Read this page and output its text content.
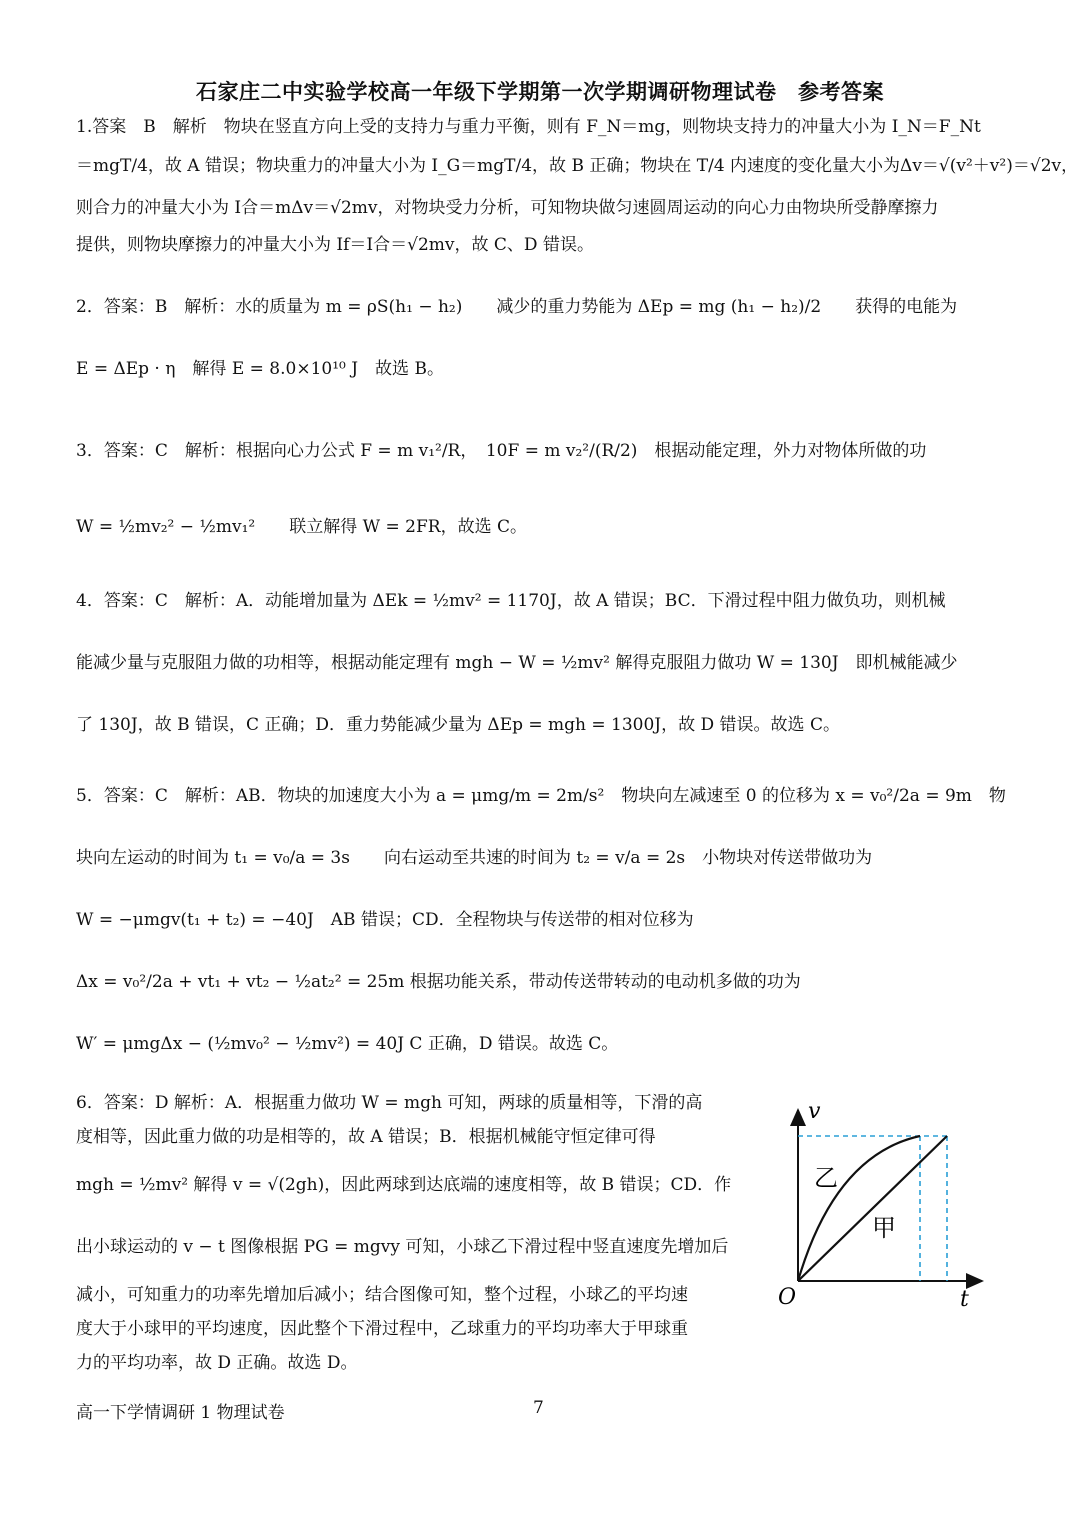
石家庄二中实验学校高一年级下学期第一次学期调研物理试卷　参考答案

1.答案　B　解析　物块在竖直方向上受的支持力与重力平衡，则有 F_N＝mg，则物块支持力的冲量大小为 I_N＝F_Nt

＝mgT/4，故 A 错误；物块重力的冲量大小为 I_G＝mgT/4，故 B 正确；物块在 T/4 内速度的变化量大小为Δv＝√(v²＋v²)＝√2v，

则合力的冲量大小为 I合＝mΔv＝√2mv，对物块受力分析，可知物块做匀速圆周运动的向心力由物块所受静摩擦力

提供，则物块摩擦力的冲量大小为 If＝I合＝√2mv，故 C、D 错误。

2．答案：B　解析：水的质量为 m = ρS(h₁ − h₂)　　减少的重力势能为 ΔEp = mg (h₁ − h₂)/2　　获得的电能为

E = ΔEp · η　解得 E = 8.0×10¹⁰ J　故选 B。

3．答案：C　解析：根据向心力公式 F = m v₁²/R，　10F = m v₂²/(R/2)　根据动能定理，外力对物体所做的功

W = ½mv₂² − ½mv₁²　　联立解得 W = 2FR，故选 C。

4．答案：C　解析：A．动能增加量为 ΔEk = ½mv² = 1170J，故 A 错误；BC．下滑过程中阻力做负功，则机械

能减少量与克服阻力做的功相等，根据动能定理有 mgh − W = ½mv² 解得克服阻力做功 W = 130J　即机械能减少

了 130J，故 B 错误，C 正确；D．重力势能减少量为 ΔEp = mgh = 1300J，故 D 错误。故选 C。

5．答案：C　解析：AB．物块的加速度大小为 a = μmg/m = 2m/s²　物块向左减速至 0 的位移为 x = v₀²/2a = 9m　物

块向左运动的时间为 t₁ = v₀/a = 3s　　向右运动至共速的时间为 t₂ = v/a = 2s　小物块对传送带做功为

W = −μmgv(t₁ + t₂) = −40J　AB 错误；CD．全程物块与传送带的相对位移为

Δx = v₀²/2a + vt₁ + vt₂ − ½at₂² = 25m 根据功能关系，带动传送带转动的电动机多做的功为

W′ = μmgΔx − (½mv₀² − ½mv²) = 40J C 正确，D 错误。故选 C。

6．答案：D 解析：A．根据重力做功 W = mgh 可知，两球的质量相等，下滑的高

度相等，因此重力做的功是相等的，故 A 错误；B．根据机械能守恒定律可得

mgh = ½mv² 解得 v = √(2gh)，因此两球到达底端的速度相等，故 B 错误；CD．作

出小球运动的 v − t 图像根据 PG = mgvy 可知，小球乙下滑过程中竖直速度先增加后

减小，可知重力的功率先增加后减小；结合图像可知，整个过程，小球乙的平均速

度大于小球甲的平均速度，因此整个下滑过程中，乙球重力的平均功率大于甲球重

力的平均功率，故 D 正确。故选 D。

v
t
O
乙
甲
高一下学情调研 1 物理试卷	7
